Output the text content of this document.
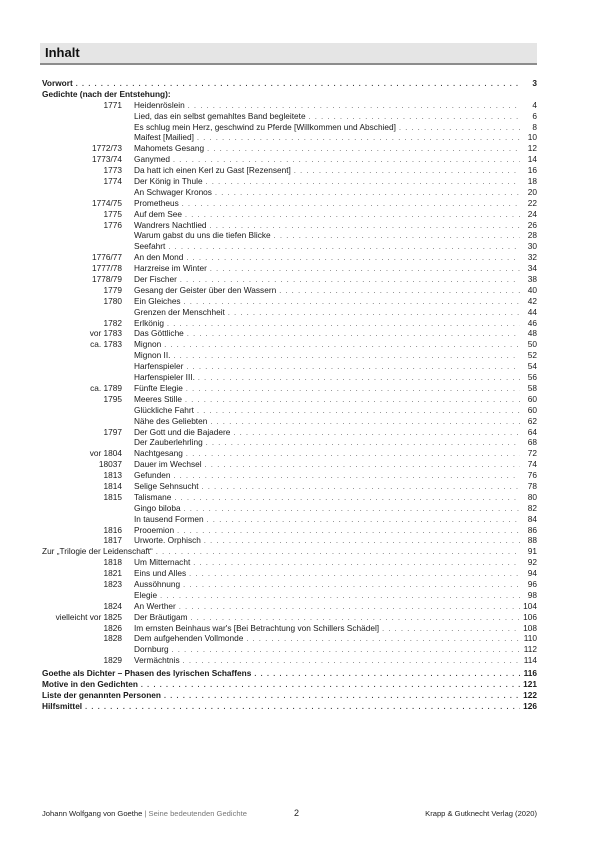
Inhalt
Vorwort . . .	3
Gedichte (nach der Entstehung):
1771 Heidenröslein . . .	4
Lied, das ein selbst gemahltes Band begleitete . . .	6
Es schlug mein Herz, geschwind zu Pferde [Willkommen und Abschied] . . .	8
Maifest [Mailied] . . .	10
1772/73 Mahomets Gesang . . .	12
1773/74 Ganymed . . .	14
1773 Da hatt ich einen Kerl zu Gast [Rezensent] . . .	16
1774 Der König in Thule . . .	18
An Schwager Kronos . . .	20
1774/75 Prometheus . . .	22
1775 Auf dem See . . .	24
1776 Wandrers Nachtlied . . .	26
Warum gabst du uns die tiefen Blicke . . .	28
Seefahrt . . .	30
1776/77 An den Mond . . .	32
1777/78 Harzreise im Winter . . .	34
1778/79 Der Fischer . . .	38
1779 Gesang der Geister über den Wassern . . .	40
1780 Ein Gleiches . . .	42
Grenzen der Menschheit . . .	44
1782 Erlkönig . . .	46
vor 1783 Das Göttliche . . .	48
ca. 1783 Mignon . . .	50
Mignon II. . . .	52
Harfenspieler . . .	54
Harfenspieler III. . . .	56
ca. 1789 Fünfte Elegie . . .	58
1795 Meeres Stille . . .	60
Glückliche Fahrt . . .	60
Nähe des Geliebten . . .	62
1797 Der Gott und die Bajadere . . .	64
Der Zauberlehrling . . .	68
vor 1804 Nachtgesang . . .	72
18037 Dauer im Wechsel . . .	74
1813 Gefunden . . .	76
1814 Selige Sehnsucht . . .	78
1815 Talismane . . .	80
Gingo biloba . . .	82
In tausend Formen . . .	84
1816 Prooemion . . .	86
1817 Urworte. Orphisch . . .	88
Zur „Trilogie der Leidenschaft“ . . .	91
1818 Um Mitternacht . . .	92
1821 Eins und Alles . . .	94
1823 Aussöhnung . . .	96
Elegie . . .	98
1824 An Werther . . .	104
vielleicht vor 1825 Der Bräutigam . . .	106
1826 Im ernsten Beinhaus war's [Bei Betrachtung von Schillers Schädel] . . .	108
1828 Dem aufgehenden Vollmonde . . .	110
Dornburg . . .	112
1829 Vermächtnis . . .	114
Goethe als Dichter – Phasen des lyrischen Schaffens . . .	116
Motive in den Gedichten . . .	121
Liste der genannten Personen . . .	122
Hilfsmittel . . .	126
Johann Wolfgang von Goethe | Seine bedeutenden Gedichte	2	Krapp & Gutknecht Verlag (2020)
